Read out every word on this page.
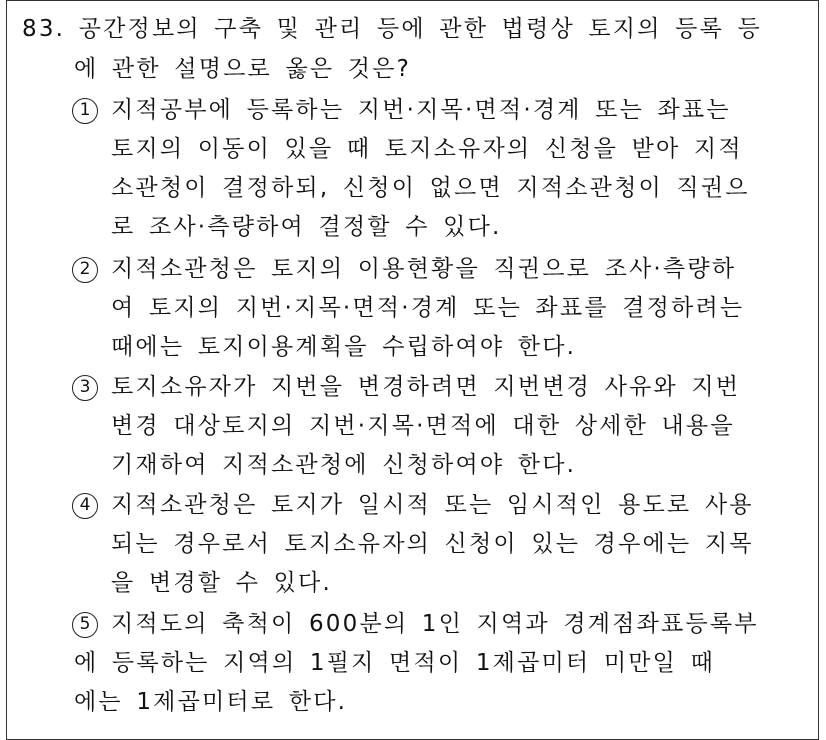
83. 공간정보의 구축 및 관리 등에 관한 법령상 토지의 등록 등
에 관한 설명으로 옳은 것은?
1 지적공부에 등록하는 지번·지목·면적·경계 또는 좌표는
토지의 이동이 있을 때 토지소유자의 신청을 받아 지적
소관청이 결정하되, 신청이 없으면 지적소관청이 직권으
로 조사·측량하여 결정할 수 있다.
2 지적소관청은 토지의 이용현황을 직권으로 조사·측량하
여 토지의 지번·지목·면적·경계 또는 좌표를 결정하려는
때에는 토지이용계획을 수립하여야 한다.
3 토지소유자가 지번을 변경하려면 지번변경 사유와 지번
변경 대상토지의 지번·지목·면적에 대한 상세한 내용을
기재하여 지적소관청에 신청하여야 한다.
4 지적소관청은 토지가 일시적 또는 임시적인 용도로 사용
되는 경우로서 토지소유자의 신청이 있는 경우에는 지목
을 변경할 수 있다.
5 지적도의 축척이 600분의 1인 지역과 경계점좌표등록부
에 등록하는 지역의 1필지 면적이 1제곱미터 미만일 때
에는 1제곱미터로 한다.
